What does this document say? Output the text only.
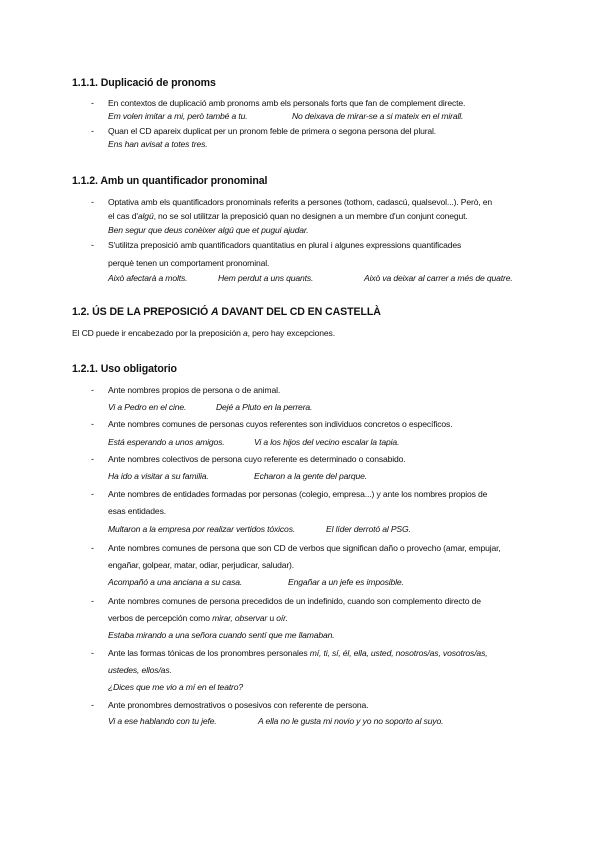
1.1.1. Duplicació de pronoms
- En contextos de duplicació amb pronoms amb els personals forts que fan de complement directe.
Em volen imitar a mi, però també a tu.	No deixava de mirar-se a si mateix en el mirall.
- Quan el CD apareix duplicat per un pronom feble de primera o segona persona del plural.
Ens han avisat a totes tres.
1.1.2. Amb un quantificador pronominal
- Optativa amb els quantificadors pronominals referits a persones (tothom, cadascú, qualsevol...). Però, en
el cas d'algú, no se sol utilitzar la preposició quan no designen a un membre d'un conjunt conegut.
Ben segur que deus conèixer algú que et pugui ajudar.
- S'utilitza preposició amb quantificadors quantitatius en plural i algunes expressions quantificades
perquè tenen un comportament pronominal.
Això afectarà a molts.	Hem perdut a uns quants.	Això va deixar al carrer a més de quatre.
1.2. ÚS DE LA PREPOSICIÓ A DAVANT DEL CD EN CASTELLÀ
El CD puede ir encabezado por la preposición a, pero hay excepciones.
1.2.1. Uso obligatorio
- Ante nombres propios de persona o de animal.
Vi a Pedro en el cine.	Dejé a Pluto en la perrera.
- Ante nombres comunes de personas cuyos referentes son individuos concretos o específicos.
Está esperando a unos amigos.	Vi a los hijos del vecino escalar la tapia.
- Ante nombres colectivos de persona cuyo referente es determinado o consabido.
Ha ido a visitar a su familia.	Echaron a la gente del parque.
- Ante nombres de entidades formadas por personas (colegio, empresa...) y ante los nombres propios de
esas entidades.
Multaron a la empresa por realizar vertidos tóxicos.	El líder derrotó al PSG.
- Ante nombres comunes de persona que son CD de verbos que significan daño o provecho (amar, empujar,
engañar, golpear, matar, odiar, perjudicar, saludar).
Acompañó a una anciana a su casa.	Engañar a un jefe es imposible.
- Ante nombres comunes de persona precedidos de un indefinido, cuando son complemento directo de
verbos de percepción como mirar, observar u oír.
Estaba mirando a una señora cuando sentí que me llamaban.
- Ante las formas tónicas de los pronombres personales mí, ti, sí, él, ella, usted, nosotros/as, vosotros/as,
ustedes, ellos/as.
¿Dices que me vio a mí en el teatro?
- Ante pronombres demostrativos o posesivos con referente de persona.
Vi a ese hablando con tu jefe.	A ella no le gusta mi novio y yo no soporto al suyo.
